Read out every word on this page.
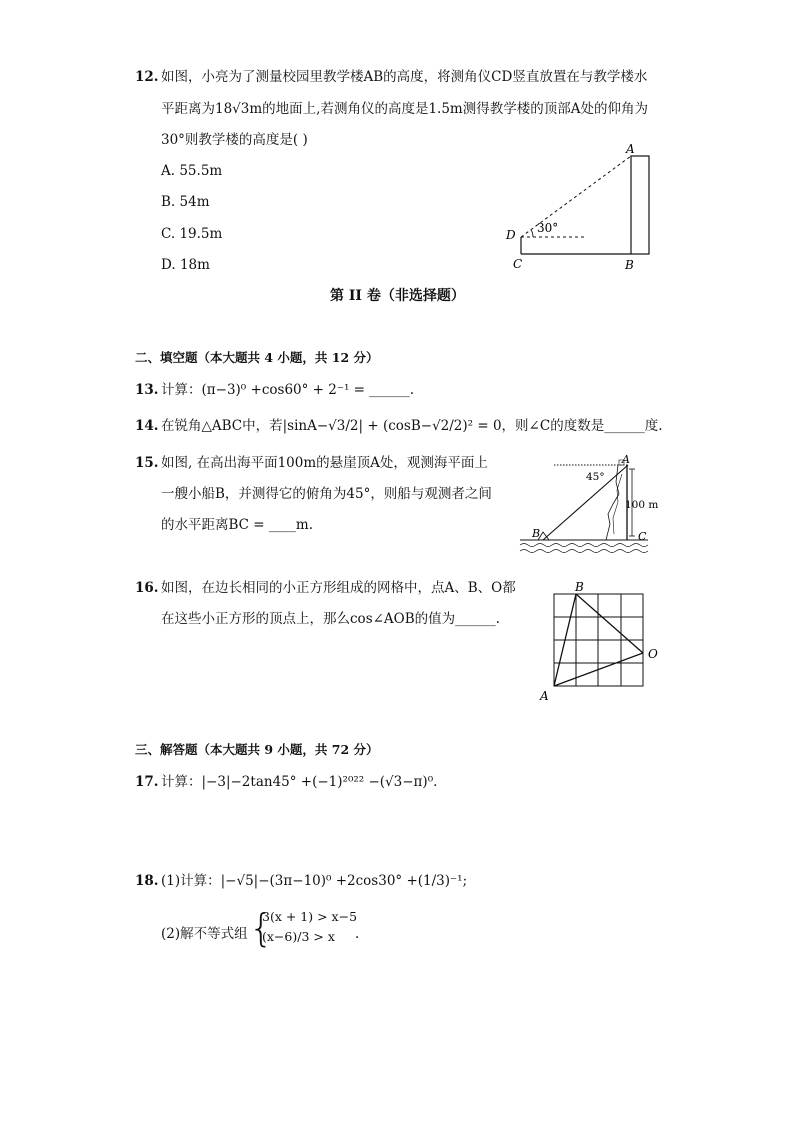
12. 如图，小亮为了测量校园里教学楼AB的高度，将测角仪CD竖直放置在与教学楼水
平距离为18√3m的地面上,若测角仪的高度是1.5m测得教学楼的顶部A处的仰角为
30°则教学楼的高度是( )
A. 55.5m
B. 54m
C. 19.5m
D. 18m
30°
A
B
C
D
第 II 卷（非选择题）
二、填空题（本大题共 4 小题，共 12 分）
13. 计算：(π−3)⁰ +cos60° + 2⁻¹ = ______.
14. 在锐角△ABC中，若|sinA−√3/2| + (cosB−√2/2)² = 0，则∠C的度数是______度.
15. 如图, 在高出海平面100m的悬崖顶A处，观测海平面上
一艘小船B，并测得它的俯角为45°，则船与观测者之间
的水平距离BC = ____m.
45°
A
B	C
100 m
16. 如图，在边长相同的小正方形组成的网格中，点A、B、O都
在这些小正方形的顶点上，那么cos∠AOB的值为______.
B
O
A
三、解答题（本大题共 9 小题，共 72 分）
17. 计算：|−3|−2tan45° +(−1)²⁰²² −(√3−π)⁰.
18. (1)计算：|−√5|−(3π−10)⁰ +2cos30° +(1/3)⁻¹;
(2)解不等式组 {
3(x + 1) > x−5
(x−6)/3 > x .
